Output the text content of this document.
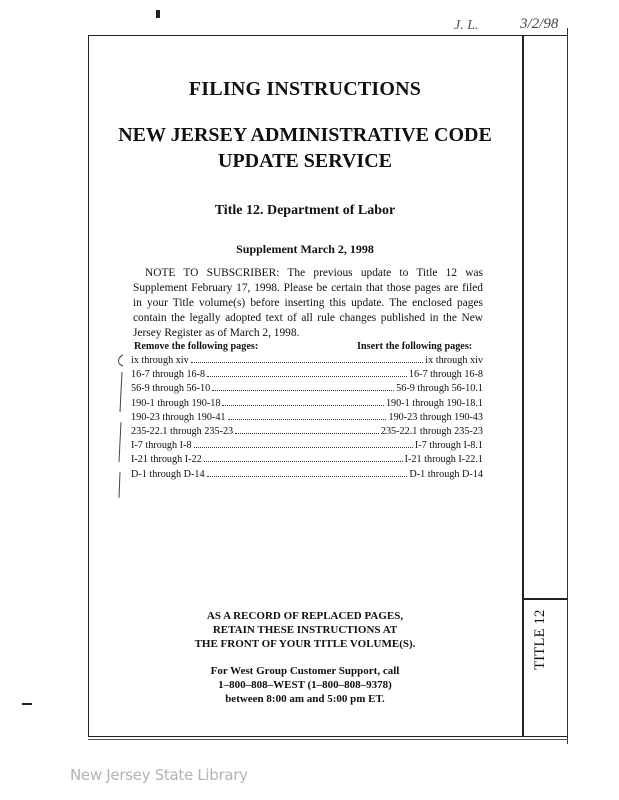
J. L.	3/2/98
FILING INSTRUCTIONS
NEW JERSEY ADMINISTRATIVE CODE
UPDATE SERVICE
Title 12. Department of Labor
Supplement March 2, 1998
NOTE TO SUBSCRIBER: The previous update to Title 12 was Supplement February 17, 1998. Please be certain that those pages are filed in your Title volume(s) before inserting this update. The enclosed pages contain the legally adopted text of all rule changes published in the New Jersey Register as of March 2, 1998.
Remove the following pages:	Insert the following pages:
ix through xiv	ix through xiv
16-7 through 16-8	16-7 through 16-8
56-9 through 56-10	56-9 through 56-10.1
190-1 through 190-18	190-1 through 190-18.1
190-23 through 190-41	190-23 through 190-43
235-22.1 through 235-23	235-22.1 through 235-23
I-7 through I-8	I-7 through I-8.1
I-21 through I-22	I-21 through I-22.1
D-1 through D-14	D-1 through D-14
AS A RECORD OF REPLACED PAGES,
RETAIN THESE INSTRUCTIONS AT
THE FRONT OF YOUR TITLE VOLUME(S).
For West Group Customer Support, call
1–800–808–WEST (1–800–808–9378)
between 8:00 am and 5:00 pm ET.
TITLE 12
New Jersey State Library
